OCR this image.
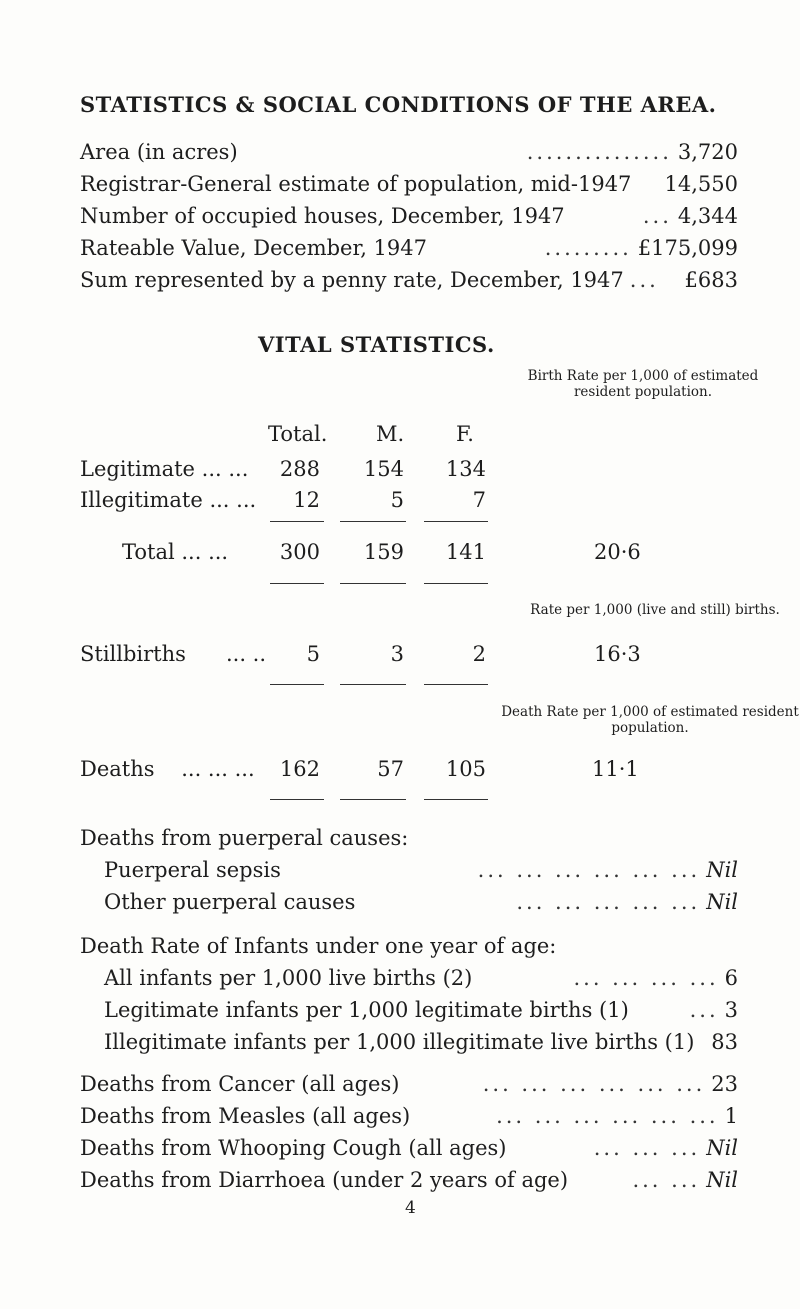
STATISTICS & SOCIAL CONDITIONS OF THE AREA.
Area (in acres)	............... 3,720
Registrar-General estimate of population, mid-1947 14,550
Number of occupied houses, December, 1947	... 4,344
Rateable Value, December, 1947	......... £175,099
Sum represented by a penny rate, December, 1947 ...	£683
VITAL STATISTICS.
Birth Rate per 1,000 of estimated resident population.
Total. M. F.
Legitimate ... ...	288 154 134
Illegitimate ... ...	12	5	7
Total ... ...	300 159 141	20·6
Rate per 1,000 (live and still) births.
Stillbirths      ... ..	5	3	2	16·3
Death Rate per 1,000 of estimated resident population.
Deaths    ... ... ...	162	57 105	11·1
Deaths from puerperal causes:
Puerperal sepsis	... ... ... ... ... ... Nil
Other puerperal causes	... ... ... ... ... Nil
Death Rate of Infants under one year of age:
All infants per 1,000 live births (2)	... ... ... ... 6
Legitimate infants per 1,000 legitimate births (1)	... 3
Illegitimate infants per 1,000 illegitimate live births (1) 83
Deaths from Cancer (all ages)	... ... ... ... ... ... 23
Deaths from Measles (all ages)	... ... ... ... ... ... 1
Deaths from Whooping Cough (all ages)	... ... ... Nil
Deaths from Diarrhoea (under 2 years of age)	... ... Nil
4
